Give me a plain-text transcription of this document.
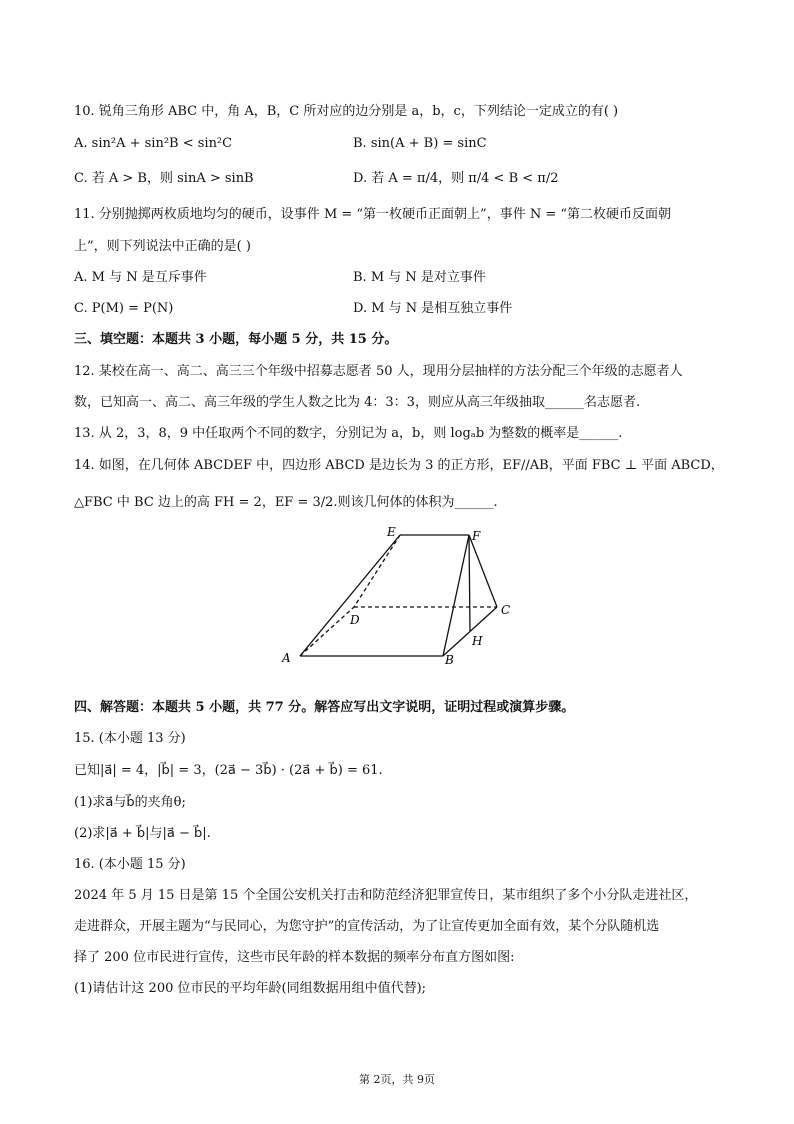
10. 锐角三角形 ABC 中，角 A，B，C 所对应的边分别是 a，b，c，下列结论一定成立的有( )
A. sin²A + sin²B < sin²C	B. sin(A + B) = sinC
C. 若 A > B，则 sinA > sinB	D. 若 A = π/4，则 π/4 < B < π/2
11. 分别抛掷两枚质地均匀的硬币，设事件 M = “第一枚硬币正面朝上”，事件 N = “第二枚硬币反面朝
上”，则下列说法中正确的是( )
A. M 与 N 是互斥事件	B. M 与 N 是对立事件
C. P(M) = P(N)	D. M 与 N 是相互独立事件
三、填空题：本题共 3 小题，每小题 5 分，共 15 分。
12. 某校在高一、高二、高三三个年级中招募志愿者 50 人，现用分层抽样的方法分配三个年级的志愿者人
数，已知高一、高二、高三年级的学生人数之比为 4：3：3，则应从高三年级抽取______名志愿者.
13. 从 2，3，8，9 中任取两个不同的数字，分别记为 a，b，则 logₐb 为整数的概率是______.
14. 如图，在几何体 ABCDEF 中，四边形 ABCD 是边长为 3 的正方形，EF//AB，平面 FBC ⊥ 平面 ABCD，
△FBC 中 BC 边上的高 FH = 2，EF = 3/2.则该几何体的体积为______.
A	B
C
D
E	F
H
四、解答题：本题共 5 小题，共 77 分。解答应写出文字说明，证明过程或演算步骤。
15. (本小题 13 分)
已知|a⃗| = 4，|b⃗| = 3，(2a⃗ − 3b⃗) · (2a⃗ + b⃗) = 61.
(1)求a⃗与b⃗的夹角θ;
(2)求|a⃗ + b⃗|与|a⃗ − b⃗|.
16. (本小题 15 分)
2024 年 5 月 15 日是第 15 个全国公安机关打击和防范经济犯罪宣传日，某市组织了多个小分队走进社区，
走进群众，开展主题为“与民同心，为您守护”的宣传活动，为了让宣传更加全面有效，某个分队随机选
择了 200 位市民进行宣传，这些市民年龄的样本数据的频率分布直方图如图:
(1)请估计这 200 位市民的平均年龄(同组数据用组中值代替);
第 2页，共 9页
